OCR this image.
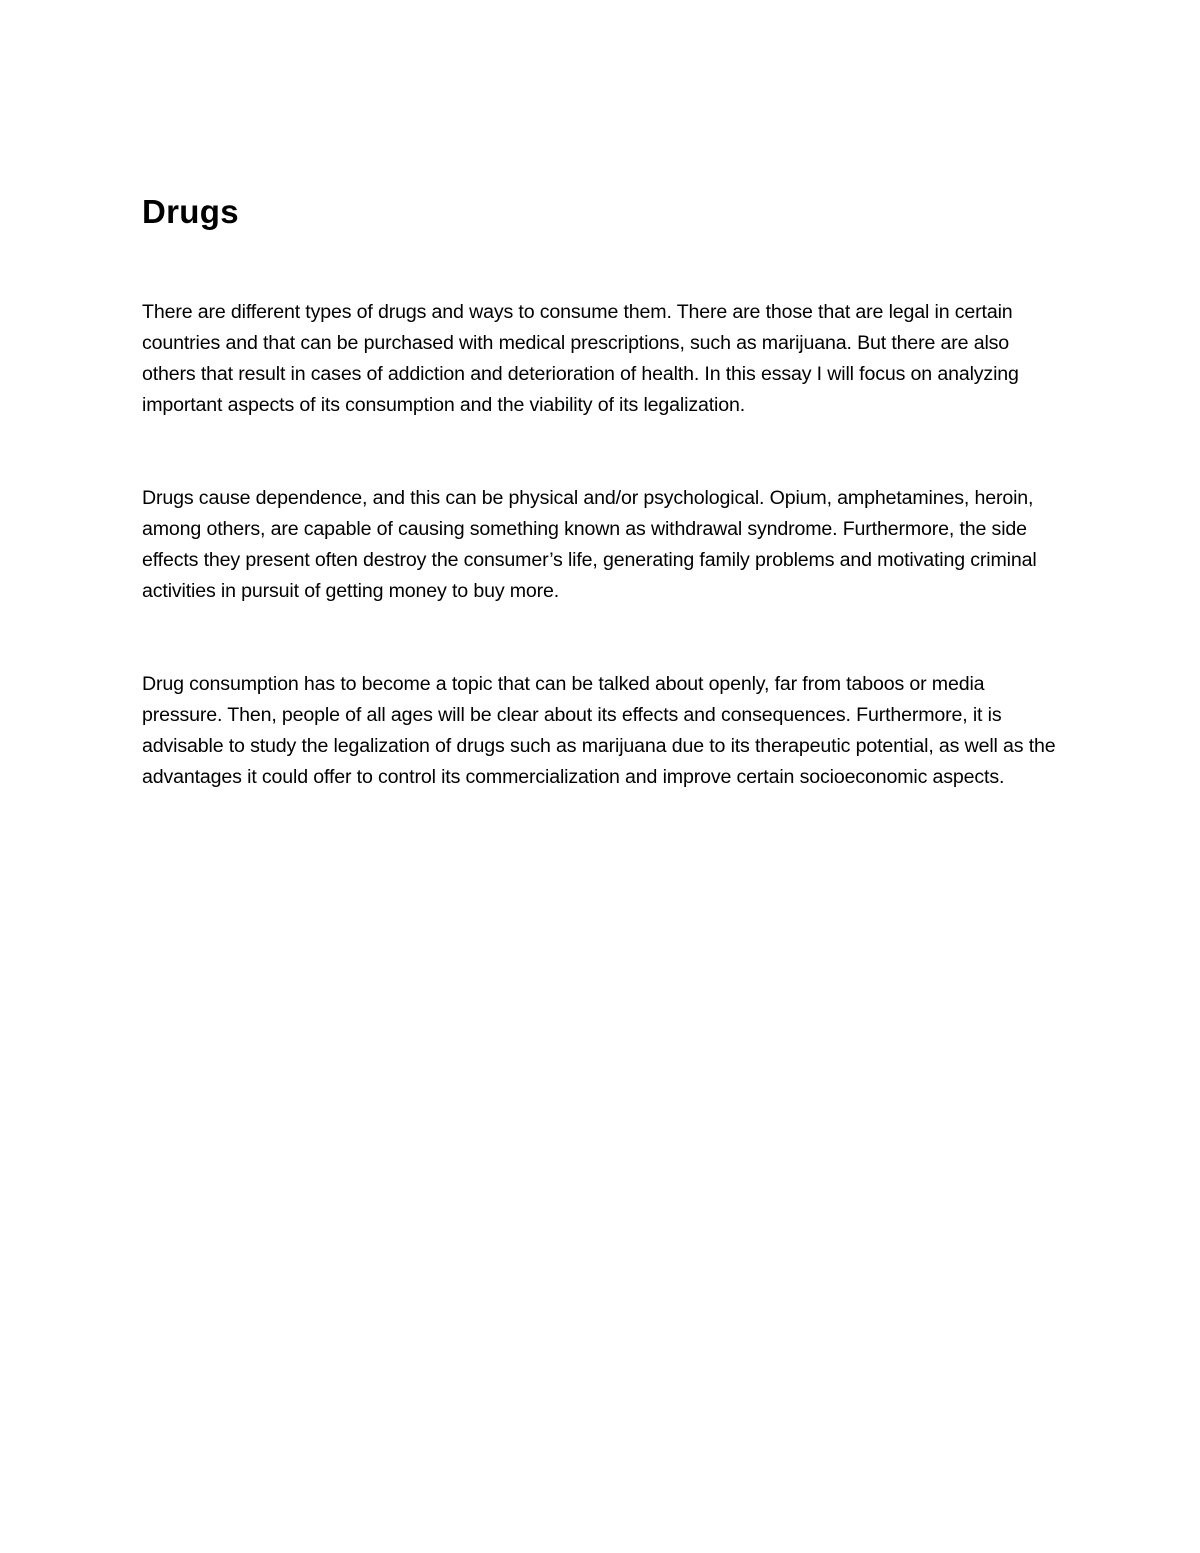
Drugs

There are different types of drugs and ways to consume them. There are those that are legal in certain countries and that can be purchased with medical prescriptions, such as marijuana. But there are also others that result in cases of addiction and deterioration of health. In this essay I will focus on analyzing important aspects of its consumption and the viability of its legalization.

Drugs cause dependence, and this can be physical and/or psychological. Opium, amphetamines, heroin, among others, are capable of causing something known as withdrawal syndrome. Furthermore, the side effects they present often destroy the consumer’s life, generating family problems and motivating criminal activities in pursuit of getting money to buy more.

Drug consumption has to become a topic that can be talked about openly, far from taboos or media pressure. Then, people of all ages will be clear about its effects and consequences. Furthermore, it is advisable to study the legalization of drugs such as marijuana due to its therapeutic potential, as well as the advantages it could offer to control its commercialization and improve certain socioeconomic aspects.
